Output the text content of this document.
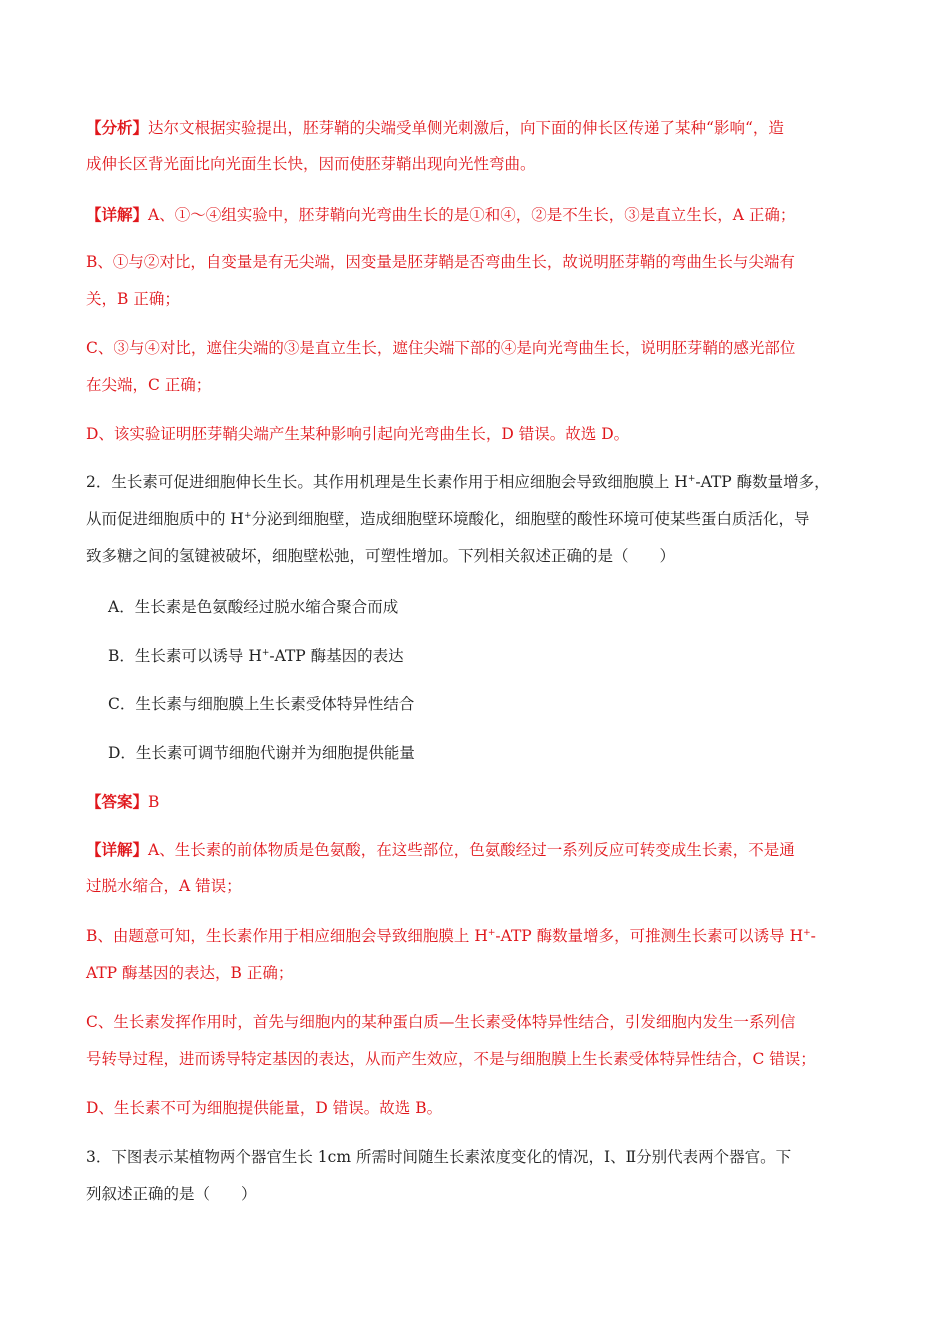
【分析】达尔文根据实验提出，胚芽鞘的尖端受单侧光刺激后，向下面的伸长区传递了某种“影响“，造
成伸长区背光面比向光面生长快，因而使胚芽鞘出现向光性弯曲。
【详解】A、①～④组实验中，胚芽鞘向光弯曲生长的是①和④，②是不生长，③是直立生长，A 正确；
B、①与②对比，自变量是有无尖端，因变量是胚芽鞘是否弯曲生长，故说明胚芽鞘的弯曲生长与尖端有
关，B 正确；
C、③与④对比，遮住尖端的③是直立生长，遮住尖端下部的④是向光弯曲生长，说明胚芽鞘的感光部位
在尖端，C 正确；
D、该实验证明胚芽鞘尖端产生某种影响引起向光弯曲生长，D 错误。故选 D。
2．生长素可促进细胞伸长生长。其作用机理是生长素作用于相应细胞会导致细胞膜上 H+-ATP 酶数量增多，
从而促进细胞质中的 H+分泌到细胞壁，造成细胞壁环境酸化，细胞壁的酸性环境可使某些蛋白质活化，导
致多糖之间的氢键被破坏，细胞壁松弛，可塑性增加。下列相关叙述正确的是（　　）
A．生长素是色氨酸经过脱水缩合聚合而成
B．生长素可以诱导 H+-ATP 酶基因的表达
C．生长素与细胞膜上生长素受体特异性结合
D．生长素可调节细胞代谢并为细胞提供能量
【答案】B
【详解】A、生长素的前体物质是色氨酸，在这些部位，色氨酸经过一系列反应可转变成生长素，不是通
过脱水缩合，A 错误；
B、由题意可知，生长素作用于相应细胞会导致细胞膜上 H+-ATP 酶数量增多，可推测生长素可以诱导 H+-
ATP 酶基因的表达，B 正确；
C、生长素发挥作用时，首先与细胞内的某种蛋白质—生长素受体特异性结合，引发细胞内发生一系列信
号转导过程，进而诱导特定基因的表达，从而产生效应，不是与细胞膜上生长素受体特异性结合，C 错误；
D、生长素不可为细胞提供能量，D 错误。故选 B。
3．下图表示某植物两个器官生长 1cm 所需时间随生长素浓度变化的情况，Ⅰ、Ⅱ分别代表两个器官。下
列叙述正确的是（　　）
